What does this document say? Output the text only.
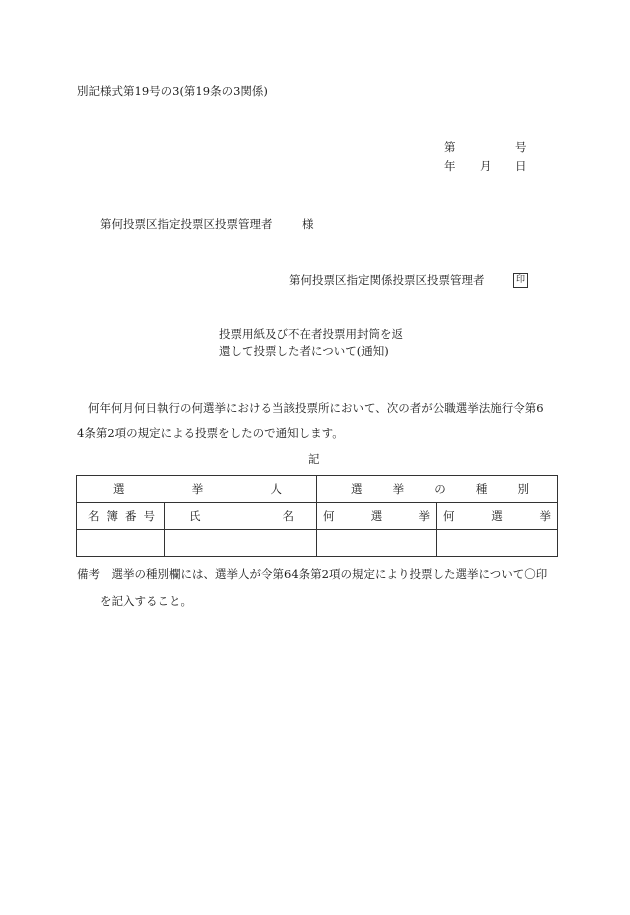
別記様式第19号の3(第19条の3関係)
第	号
年 月 日
第何投票区指定投票区投票管理者	様
第何投票区指定関係投票区投票管理者	印
投票用紙及び不在者投票用封筒を返
還して投票した者について(通知)
何年何月何日執行の何選挙における当該投票所において、次の者が公職選挙法施行令第6
4条第2項の規定による投票をしたので通知します。
記
選 挙 人		選 挙 の 種 別	

名 簿 番 号	氏 名	何 選 挙	何 選 挙

備考　選挙の種別欄には、選挙人が令第64条第2項の規定により投票した選挙について〇印
を記入すること。
